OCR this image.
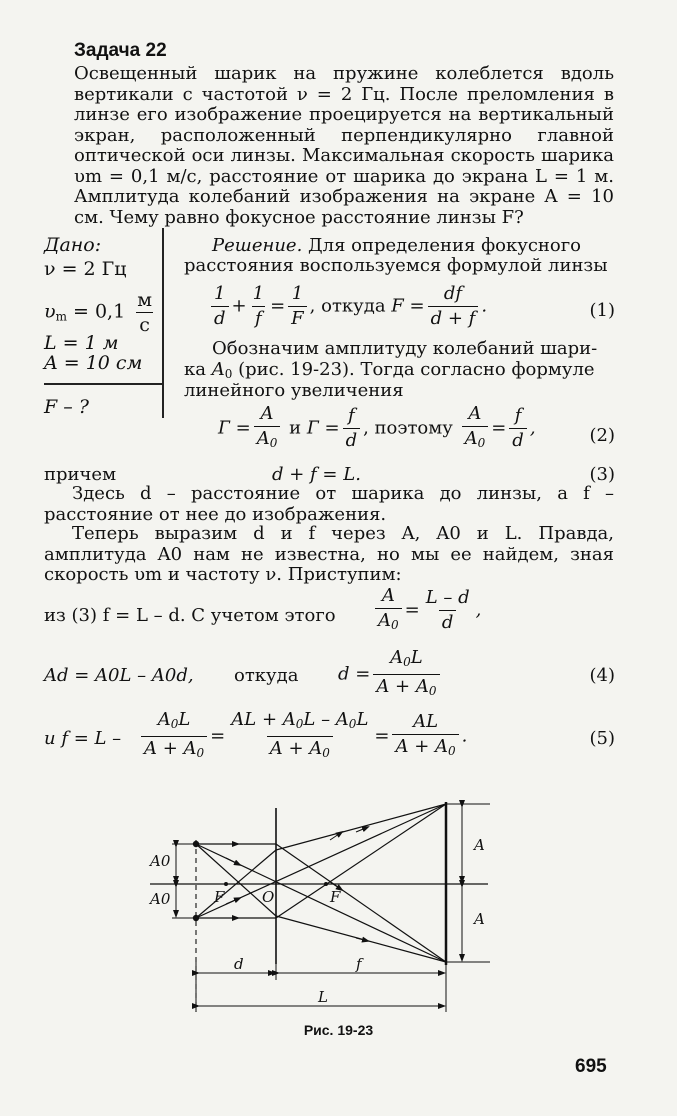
Задача 22
Освещенный шарик на пружине колеблется вдоль вертикали с частотой ν = 2 Гц. После преломления в линзе его изображение проецируется на вертикальный экран, расположенный перпендикулярно главной оптической оси линзы. Максимальная скорость шарика υm = 0,1 м/с, расстояние от шарика до экрана L = 1 м. Амплитуда колебаний изображения на экране A = 10 см. Чему равно фокусное расстояние линзы F?
Дано:
ν = 2 Гц
$\upsilon_m = 0,1 \frac{м}{с}$
L = 1 м
A = 10 см
F – ?
Решение. Для определения фокусного
расстояния воспользуемся формулой линзы
$\frac{1}{d} + \frac{1}{f} = \frac{1}{F}$ , откуда $F = \frac{df}{d + f}$ .	(1)
Обозначим амплитуду колебаний шари-
ка $A_0$ (рис. 19-23). Тогда согласно формуле
линейного увеличения
$Г = \frac{A}{A_0}$ и $Г = \frac{f}{d}$ , поэтому $\frac{A}{A_0} = \frac{f}{d}$ ,	(2)
причем	d + f = L.	(3)
Здесь d – расстояние от шарика до линзы, а f – расстояние от нее до изображения.
Теперь выразим d и f через A, A0 и L. Правда, амплитуда A0 нам не известна, но мы ее найдем, зная скорость υm и частоту ν. Приступим:
из (3) f = L – d. С учетом этого $\frac{A}{A_0} = \frac{L - d}{d}$ ,
Ad = A0L – A0d, откуда $d = \frac{A_0L}{A + A_0}$	(4)
и $f = L - \frac{A_0L}{A + A_0} = \frac{AL + A_0L - A_0L}{A + A_0} = \frac{AL}{A + A_0}$ .	(5)
A0
A0	F	O	F
A
A
d	f
L
Рис. 19-23
695
